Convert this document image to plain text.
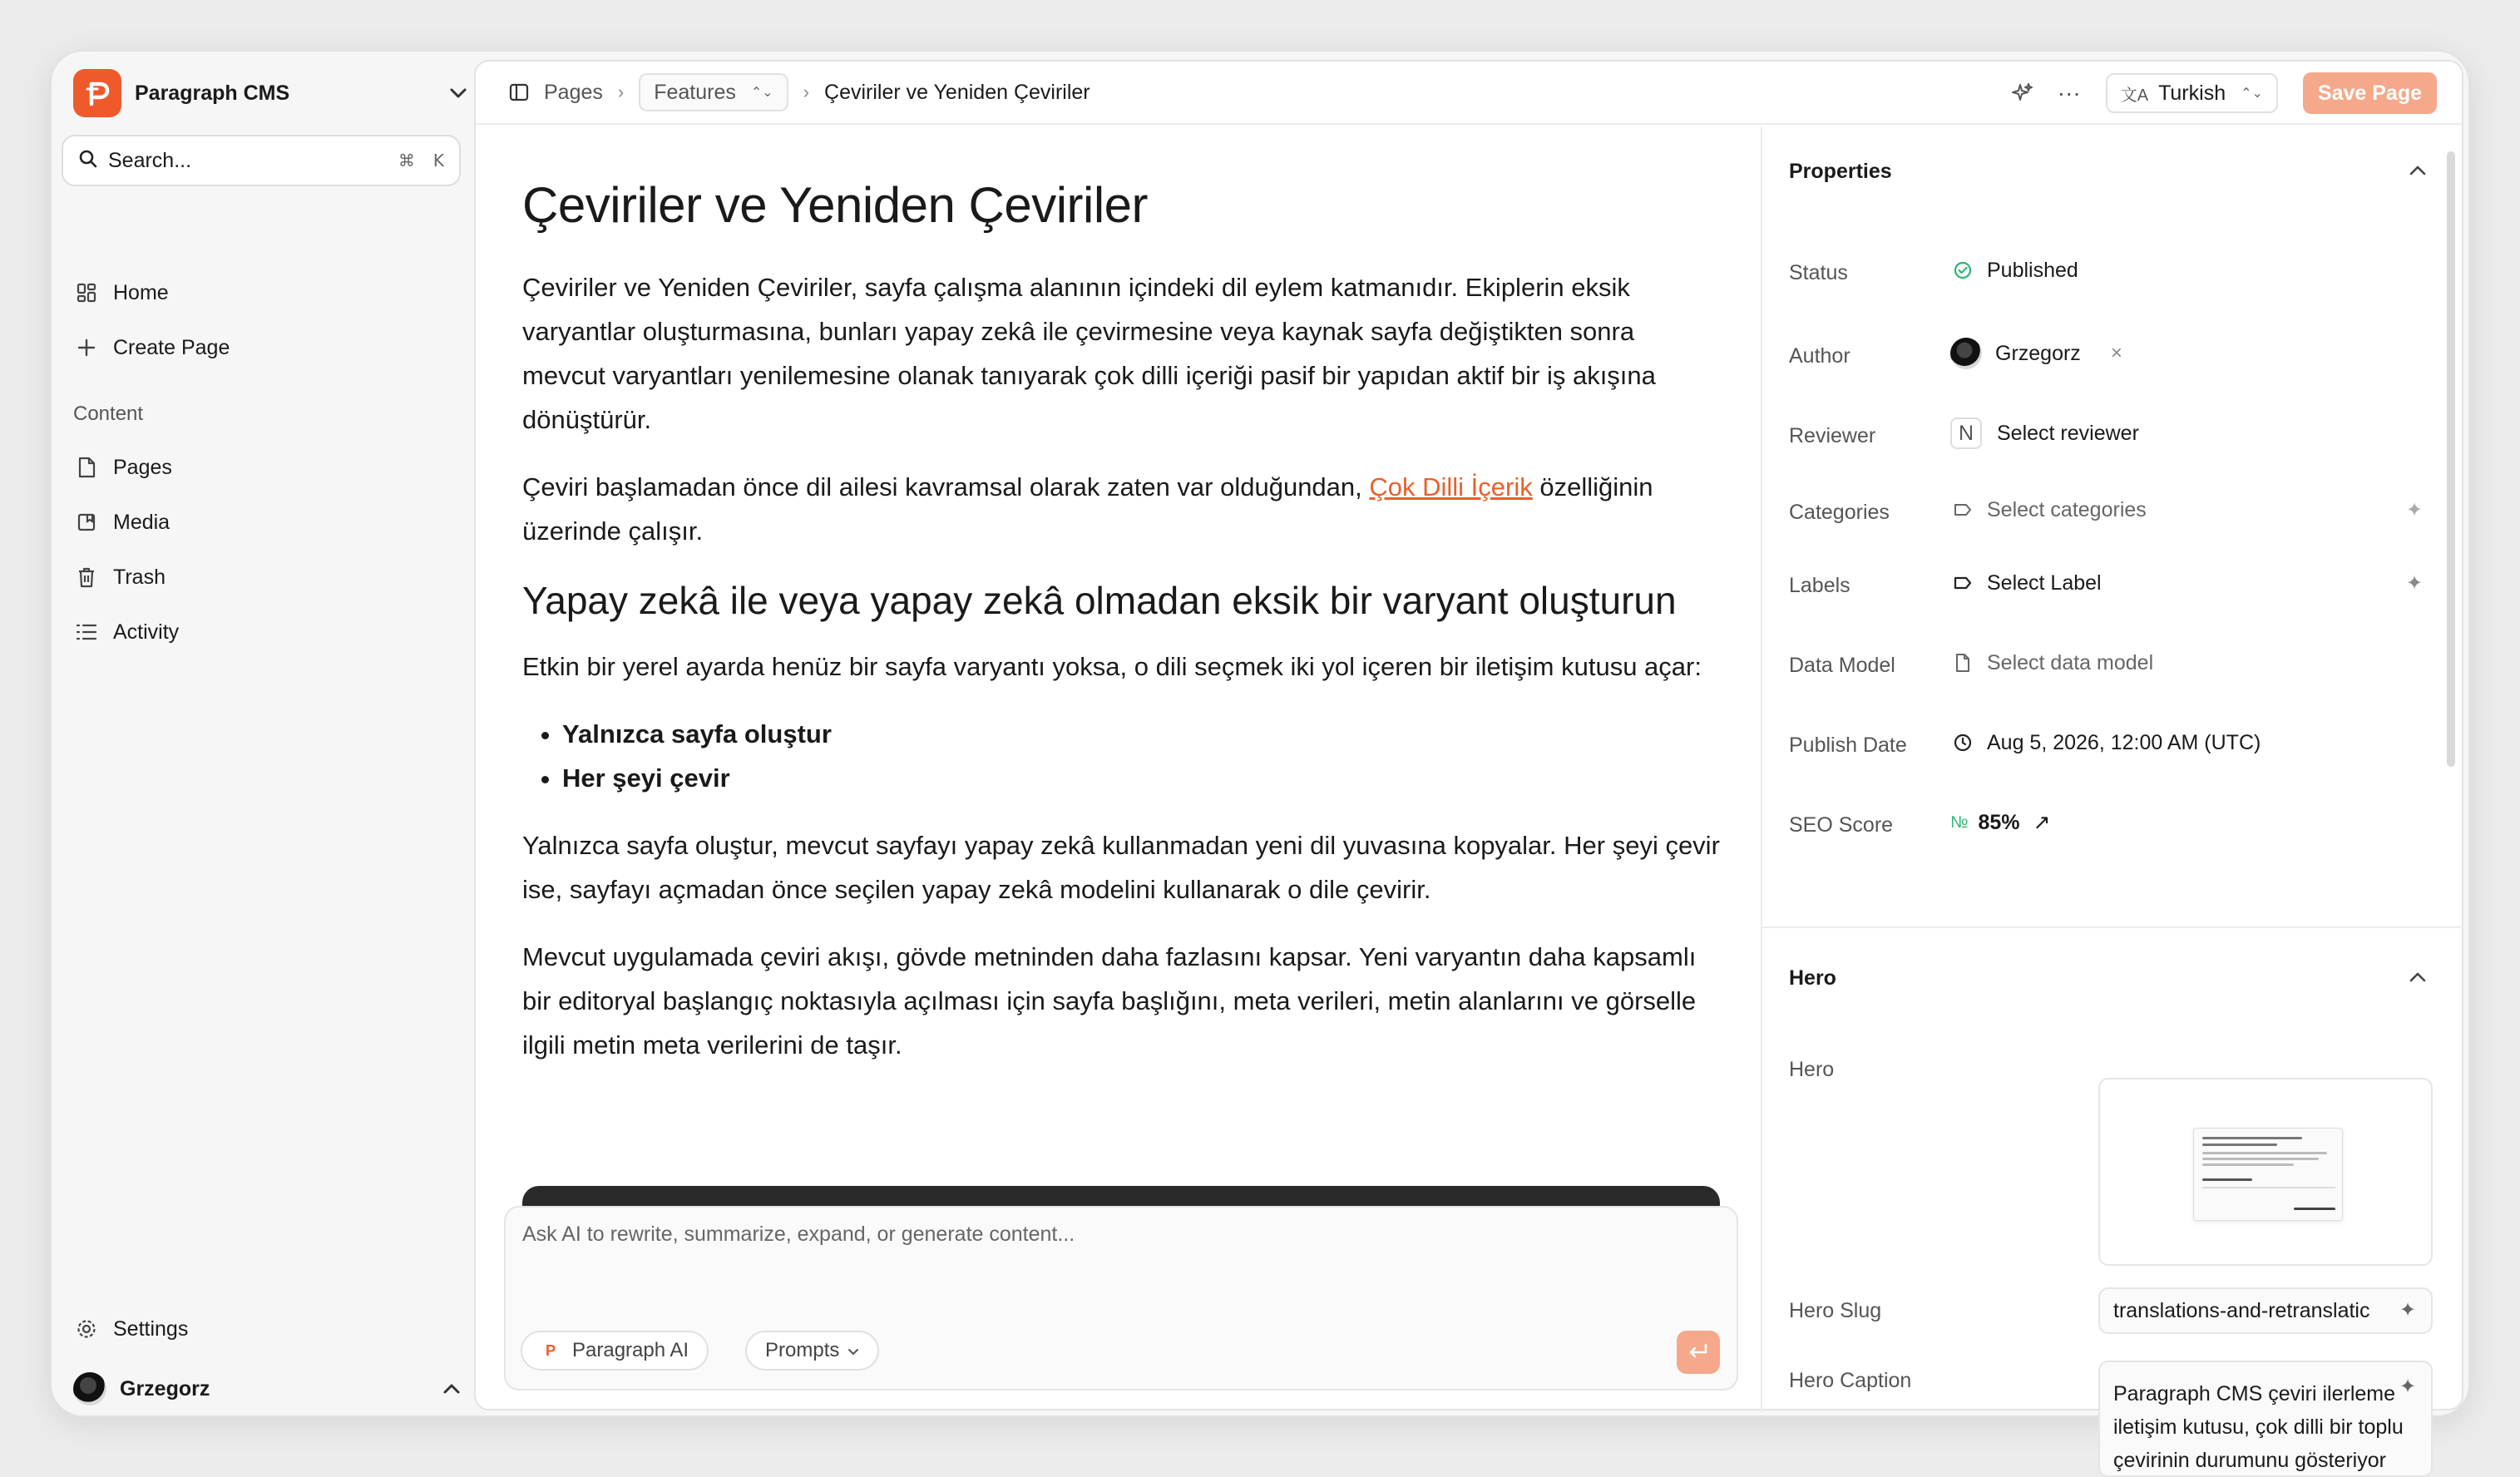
Paragraph CMS
Search...	⌘ K
Home
Create Page
Content
Pages
Media
Trash
Activity
Settings
Grzegorz
Pages › Features ⌃⌄ › Çeviriler ve Yeniden Çeviriler	···	文A Turkish ⌃⌄	Save Page
Çeviriler ve Yeniden Çeviriler

Çeviriler ve Yeniden Çeviriler, sayfa çalışma alanının içindeki dil eylem katmanıdır. Ekiplerin eksik varyantlar oluşturmasına, bunları yapay zekâ ile çevirmesine veya kaynak sayfa değiştikten sonra mevcut varyantları yenilemesine olanak tanıyarak çok dilli içeriği pasif bir yapıdan aktif bir iş akışına dönüştürür.

Çeviri başlamadan önce dil ailesi kavramsal olarak zaten var olduğundan, Çok Dilli İçerik özelliğinin üzerinde çalışır.

Yapay zekâ ile veya yapay zekâ olmadan eksik bir varyant oluşturun

Etkin bir yerel ayarda henüz bir sayfa varyantı yoksa, o dili seçmek iki yol içeren bir iletişim kutusu açar:

• Yalnızca sayfa oluştur
• Her şeyi çevir

Yalnızca sayfa oluştur, mevcut sayfayı yapay zekâ kullanmadan yeni dil yuvasına kopyalar. Her şeyi çevir ise, sayfayı açmadan önce seçilen yapay zekâ modelini kullanarak o dile çevirir.

Mevcut uygulamada çeviri akışı, gövde metninden daha fazlasını kapsar. Yeni varyantın daha kapsamlı bir editoryal başlangıç noktasıyla açılması için sayfa başlığını, meta verileri, metin alanlarını ve görselle ilgili metin meta verilerini de taşır.

Ask AI to rewrite, summarize, expand, or generate content...
P Paragraph AI	Prompts
Properties
Status	Published
Author	Grzegorz ×
Reviewer	N	Select reviewer
Categories	Select categories	✦
Labels	Select Label	✦
Data Model	Select data model
Publish Date	Aug 5, 2026, 12:00 AM (UTC)
SEO Score	№ 85% ↗
Hero
Hero
Hero Slug	translations-and-retranslatic	✦
Hero Caption
Paragraph CMS çeviri ilerleme iletişim kutusu, çok dilli bir toplu çevirinin durumunu gösteriyor
✦
